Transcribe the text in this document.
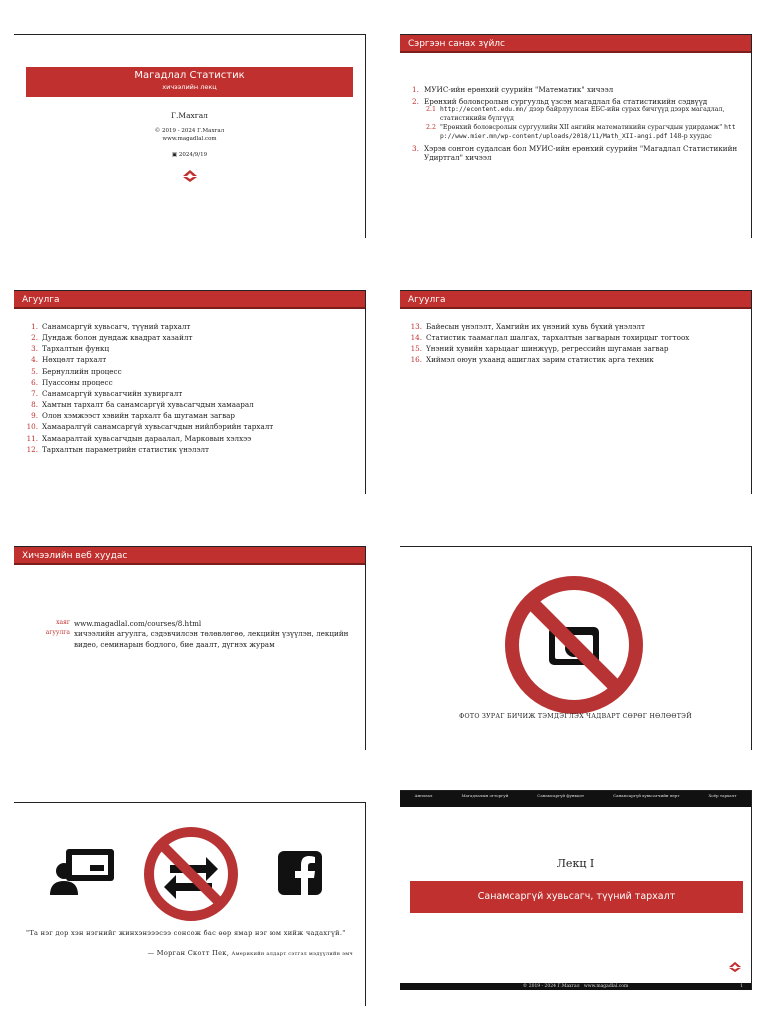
Магадлал Статистик
хичээлийн лекц
Г.Махгал
© 2019 - 2024 Г.Махгал
www.magadlal.com
▣ 2024/9/19
Сэргээн санах зүйлс
1. МУИС-ийн ерөнхий суурийн "Математик" хичээл
2. Ерөнхий боловсролын сургуульд үзсэн магадлал ба статистикийн сэдвүүд
2.1 http://econtent.edu.mn/ дээр байрлуулсан ЕБС-ийн сурах бичгүүд дээрх магадлал, статистикийн бүлгүүд
2.2 "Ерөнхий боловсролын сургуулийн XII ангийн математикийн сурагчдын удирдамж" http://www.mier.mn/wp-content/uploads/2018/11/Math_XII-angi.pdf 148-р хуудас
3. Хэрэв сонгон судалсан бол МУИС-ийн ерөнхий суурийн "Магадлал Статистикийн Удиртгал" хичээл
Агуулга
1. Санамсаргүй хувьсагч, түүний тархалт
2. Дундаж болон дундаж квадрат хазайлт
3. Тархалтын функц
4. Нөхцөлт тархалт
5. Бернуллийн процесс
6. Пуассоны процесс
7. Санамсаргүй хувьсагчийн хувиргалт
8. Хамтын тархалт ба санамсаргүй хувьсагчдын хамаарал
9. Олон хэмжээст хэвийн тархалт ба шугаман загвар
10. Хамааралгүй санамсаргүй хувьсагчдын нийлбэрийн тархалт
11. Хамааралтай хувьсагчдын дараалал, Марковын хэлхээ
12. Тархалтын параметрийн статистик үнэлэлт
Агуулга
13. Байесын үнэлэлт, Хамгийн их үнэний хувь бүхий үнэлэлт
14. Статистик таамаглал шалгах, тархалтын загварын тохирцыг тогтоох
15. Үнэний хувийн харьцааг шинжүүр, регрессийн шугаман загвар
16. Хиймэл оюун ухаанд ашиглах зарим статистик арга техник
Хичээлийн веб хуудас
хаяг www.magadlal.com/courses/8.html
агуулга хичээлийн агуулга, сэдэвчилсэн төлөвлөгөө, лекцийн үзүүлэн, лекцийн видео, семинарын бодлого, бие даалт, дүгнэх журам
ФОТО ЗУРАГ БИЧИЖ ТЭМДЭГЛЭХ ЧАДВАРТ СӨРӨГ НӨЛӨӨТЭЙ
"Та нэг дор хэн нэгнийг жинхэнэээсээ сонсож бас өөр ямар нэг юм хийж чадахгүй."
— Морган Скотт Пек, Америкийн алдарт сэтгэл мэдүүлийн эмч
Ангилал	Магадлалын огторгуй	Санамсаргүй функцэт	Санамсаргүй хувьсагчийн өөрт	Хоёр тархалт
Лекц I
Санамсаргүй хувьсагч, түүний тархалт
© 2019 - 2024 Г.Махгал www.magadlal.com	1
